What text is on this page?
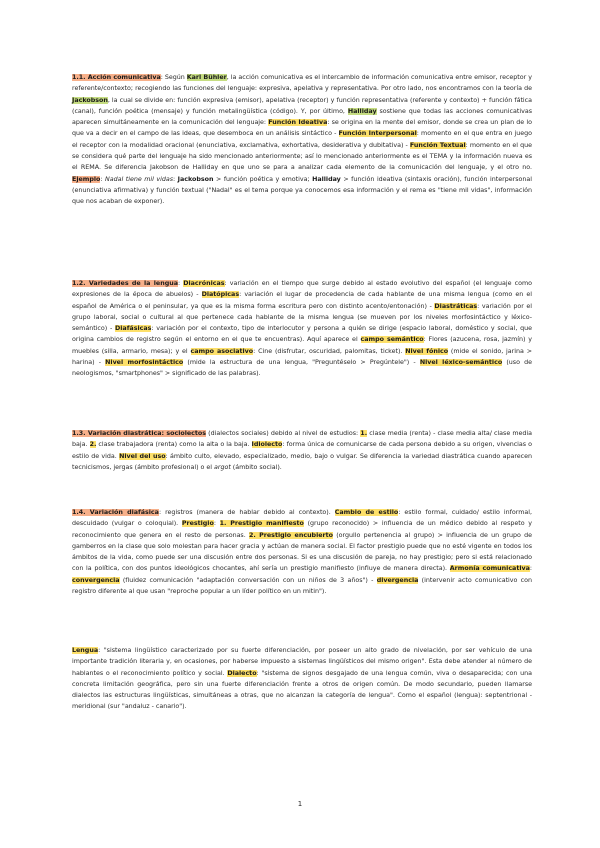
1.1. Acción comunicativa: Según Karl Bühler, la acción comunicativa es el intercambio de información comunicativa entre emisor, receptor y referente/contexto; recogiendo las funciones del lenguaje: expresiva, apelativa y representativa. Por otro lado, nos encontramos con la teoría de Jackobson, la cual se divide en: función expresiva (emisor), apelativa (receptor) y función representativa (referente y contexto) + función fática (canal), función poética (mensaje) y función metalingüística (código). Y, por último, Halliday sostiene que todas las acciones comunicativas aparecen simultáneamente en la comunicación del lenguaje: Función Ideativa: se origina en la mente del emisor, donde se crea un plan de lo que va a decir en el campo de las ideas, que desemboca en un análisis sintáctico - Función Interpersonal: momento en el que entra en juego el receptor con la modalidad oracional (enunciativa, exclamativa, exhortativa, desiderativa y dubitativa) - Función Textual: momento en el que se considera qué parte del lenguaje ha sido mencionado anteriormente; así lo mencionado anteriormente es el TEMA y la información nueva es el REMA. Se diferencia Jakobson de Halliday en que uno se para a analizar cada elemento de la comunicación del lenguaje, y el otro no. Ejemplo: Nadal tiene mil vidas: Jackobson > función poética y emotiva; Halliday > función ideativa (sintaxis oración), función interpersonal (enunciativa afirmativa) y función textual ("Nadal" es el tema porque ya conocemos esa información y el rema es "tiene mil vidas", información que nos acaban de exponer).

1.2. Variedades de la lengua: Diacrónicas: variación en el tiempo que surge debido al estado evolutivo del español (el lenguaje como expresiones de la época de abuelos) - Diatópicas: variación el lugar de procedencia de cada hablante de una misma lengua (como en el español de América o el peninsular, ya que es la misma forma escritura pero con distinto acento/entonación) - Diastráticas: variación por el grupo laboral, social o cultural al que pertenece cada hablante de la misma lengua (se mueven por los niveles morfosintáctico y léxico-semántico) - Diafásicas: variación por el contexto, tipo de interlocutor y persona a quién se dirige (espacio laboral, doméstico y social, que origina cambios de registro según el entorno en el que te encuentras). Aquí aparece el campo semántico: Flores (azucena, rosa, jazmín) y muebles (silla, armario, mesa); y el campo asociativo: Cine (disfrutar, oscuridad, palomitas, ticket). Nivel fónico (mide el sonido, jarina > harina) - Nivel morfosintáctico (mide la estructura de una lengua, "Preguntéselo > Pregúntele") - Nivel léxico-semántico (uso de neologismos, "smartphones" > significado de las palabras).

1.3. Variación diastrática: sociolectos (dialectos sociales) debido al nivel de estudios: 1. clase media (renta) - clase media alta/ clase media baja. 2. clase trabajadora (renta) como la alta o la baja. Idiolecto: forma única de comunicarse de cada persona debido a su origen, vivencias o estilo de vida. Nivel del uso: ámbito culto, elevado, especializado, medio, bajo o vulgar. Se diferencia la variedad diastrática cuando aparecen tecnicismos, jergas (ámbito profesional) o el argot (ámbito social).

1.4. Variación diafásica: registros (manera de hablar debido al contexto). Cambio de estilo: estilo formal, cuidado/ estilo informal, descuidado (vulgar o coloquial). Prestigio: 1. Prestigio manifiesto (grupo reconocido) > influencia de un médico debido al respeto y reconocimiento que genera en el resto de personas. 2. Prestigio encubierto (orgullo pertenencia al grupo) > influencia de un grupo de gamberros en la clase que solo molestan para hacer gracia y actúan de manera social. El factor prestigio puede que no esté vigente en todos los ámbitos de la vida, como puede ser una discusión entre dos personas. Si es una discusión de pareja, no hay prestigio; pero si está relacionado con la política, con dos puntos ideológicos chocantes, ahí sería un prestigio manifiesto (influye de manera directa). Armonía comunicativa: convergencia (fluidez comunicación "adaptación conversación con un niños de 3 años") - divergencia (intervenir acto comunicativo con registro diferente al que usan "reproche popular a un líder político en un mitin").

Lengua: "sistema lingüístico caracterizado por su fuerte diferenciación, por poseer un alto grado de nivelación, por ser vehículo de una importante tradición literaria y, en ocasiones, por haberse impuesto a sistemas lingüísticos del mismo origen". Esta debe atender al número de hablantes o el reconocimiento político y social. Dialecto: "sistema de signos desgajado de una lengua común, viva o desaparecida; con una concreta limitación geográfica, pero sin una fuerte diferenciación frente a otros de origen común. De modo secundario, pueden llamarse dialectos las estructuras lingüísticas, simultáneas a otras, que no alcanzan la categoría de lengua". Como el español (lengua): septentrional - meridional (sur "andaluz - canario").

1
